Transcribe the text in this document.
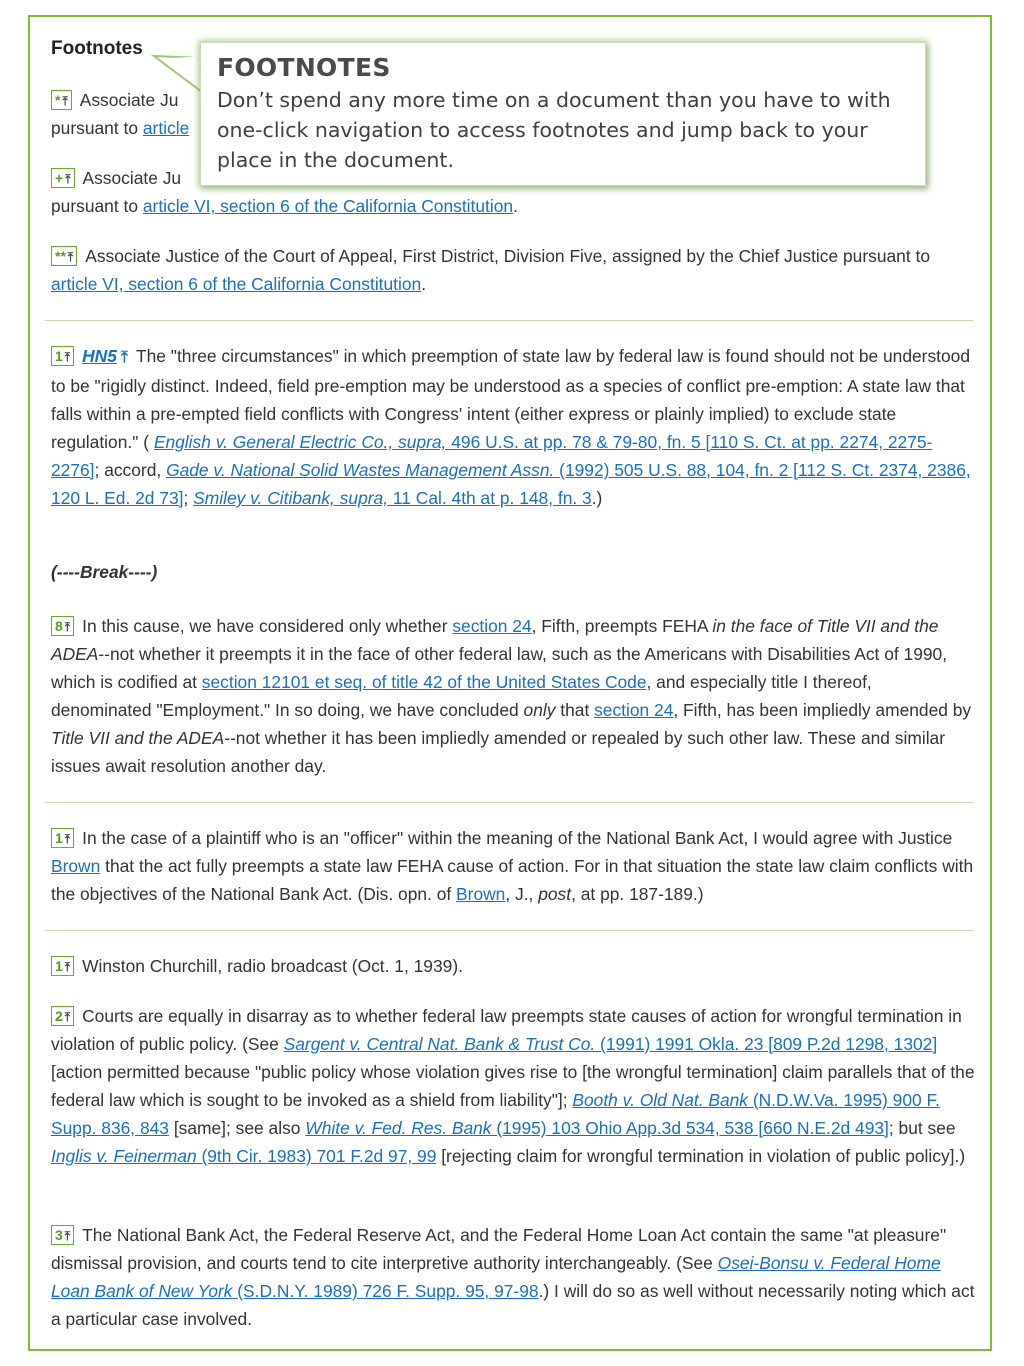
Footnotes
* ⤒ Associate Ju
pursuant to article
+ ⤒ Associate Ju
pursuant to article VI, section 6 of the California Constitution.
** ⤒ Associate Justice of the Court of Appeal, First District, Division Five, assigned by the Chief Justice pursuant to article VI, section 6 of the California Constitution.
1 ⤒ HN5 ⤒ The "three circumstances" in which preemption of state law by federal law is found should not be understood to be "rigidly distinct. Indeed, field pre-emption may be understood as a species of conflict pre-emption: A state law that falls within a pre-empted field conflicts with Congress' intent (either express or plainly implied) to exclude state regulation." ( English v. General Electric Co., supra, 496 U.S. at pp. 78 & 79-80, fn. 5 [110 S. Ct. at pp. 2274, 2275-2276]; accord, Gade v. National Solid Wastes Management Assn. (1992) 505 U.S. 88, 104, fn. 2 [112 S. Ct. 2374, 2386, 120 L. Ed. 2d 73]; Smiley v. Citibank, supra, 11 Cal. 4th at p. 148, fn. 3.)
(----Break----)
8 ⤒ In this cause, we have considered only whether section 24, Fifth, preempts FEHA in the face of Title VII and the ADEA--not whether it preempts it in the face of other federal law, such as the Americans with Disabilities Act of 1990, which is codified at section 12101 et seq. of title 42 of the United States Code, and especially title I thereof, denominated "Employment." In so doing, we have concluded only that section 24, Fifth, has been impliedly amended by Title VII and the ADEA--not whether it has been impliedly amended or repealed by such other law. These and similar issues await resolution another day.
1 ⤒ In the case of a plaintiff who is an "officer" within the meaning of the National Bank Act, I would agree with Justice Brown that the act fully preempts a state law FEHA cause of action. For in that situation the state law claim conflicts with the objectives of the National Bank Act. (Dis. opn. of Brown, J., post, at pp. 187-189.)
1 ⤒ Winston Churchill, radio broadcast (Oct. 1, 1939).
2 ⤒ Courts are equally in disarray as to whether federal law preempts state causes of action for wrongful termination in violation of public policy. (See Sargent v. Central Nat. Bank & Trust Co. (1991) 1991 Okla. 23 [809 P.2d 1298, 1302] [action permitted because "public policy whose violation gives rise to [the wrongful termination] claim parallels that of the federal law which is sought to be invoked as a shield from liability"]; Booth v. Old Nat. Bank (N.D.W.Va. 1995) 900 F. Supp. 836, 843 [same]; see also White v. Fed. Res. Bank (1995) 103 Ohio App.3d 534, 538 [660 N.E.2d 493]; but see Inglis v. Feinerman (9th Cir. 1983) 701 F.2d 97, 99 [rejecting claim for wrongful termination in violation of public policy].)
3 ⤒ The National Bank Act, the Federal Reserve Act, and the Federal Home Loan Act contain the same "at pleasure" dismissal provision, and courts tend to cite interpretive authority interchangeably. (See Osei-Bonsu v. Federal Home Loan Bank of New York (S.D.N.Y. 1989) 726 F. Supp. 95, 97-98.) I will do so as well without necessarily noting which act a particular case involved.
FOOTNOTES
Don’t spend any more time on a document than you have to with one-click navigation to access footnotes and jump back to your place in the document.
